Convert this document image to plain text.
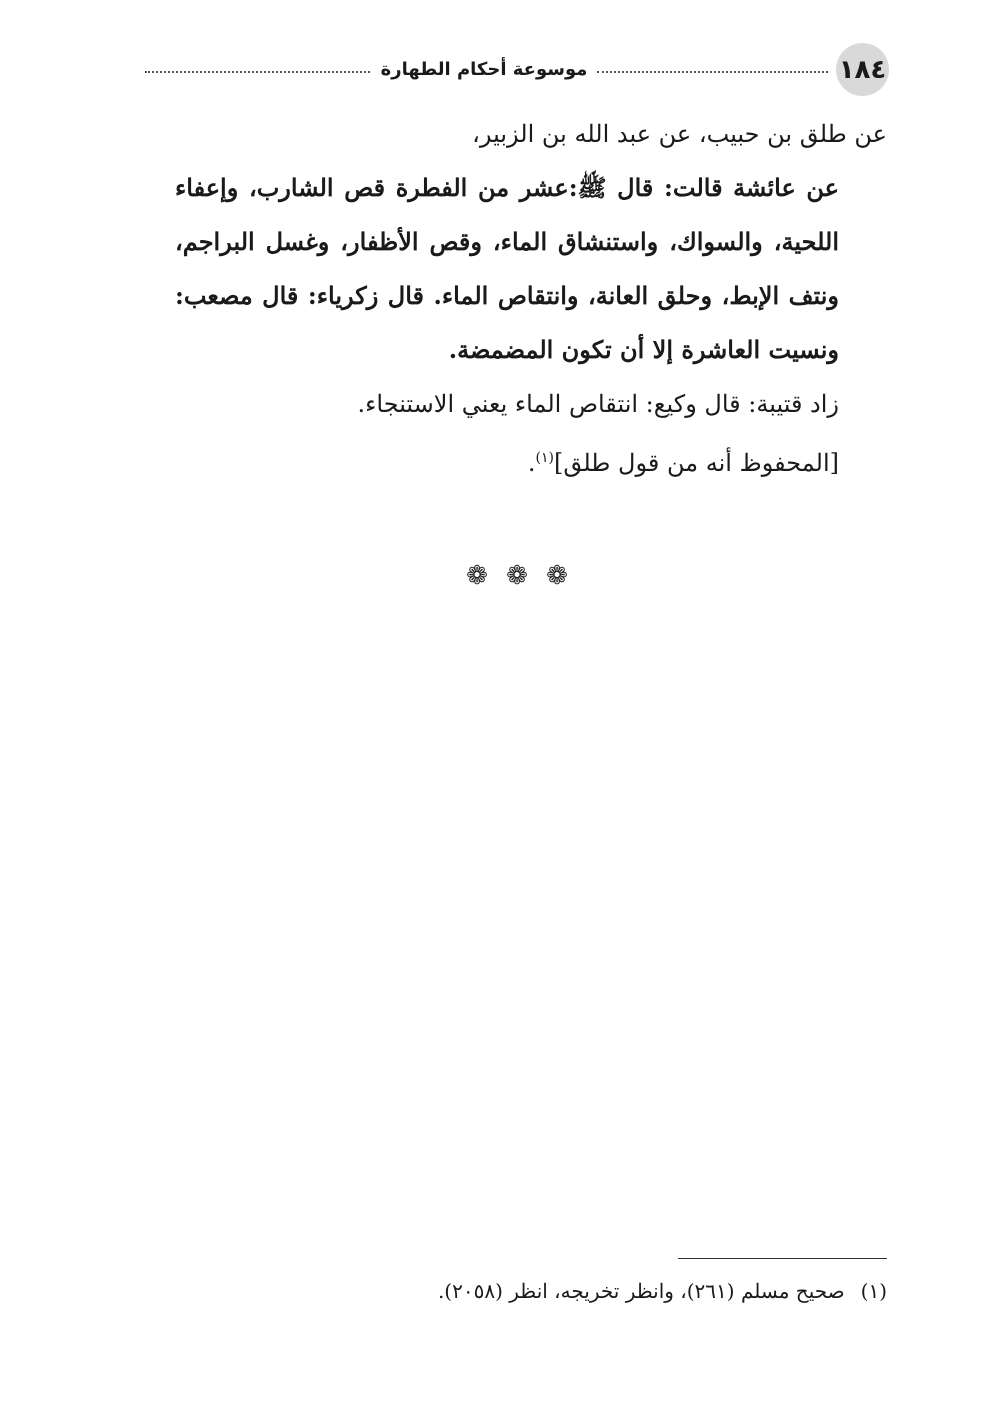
١٨٤
موسوعة أحكام الطهارة

عن طلق بن حبيب، عن عبد الله بن الزبير،

عن عائشة قالت: قال ﷺ:عشر من الفطرة قص الشارب، وإعفاء اللحية، والسواك، واستنشاق الماء، وقص الأظفار، وغسل البراجم، ونتف الإبط، وحلق العانة، وانتقاص الماء. قال زكرياء: قال مصعب: ونسيت العاشرة إلا أن تكون المضمضة.

زاد قتيبة: قال وكيع: انتقاص الماء يعني الاستنجاء.

[المحفوظ أنه من قول طلق]$^{(١)}$.

❁ ❁ ❁
(١)صحيح مسلم (٢٦١)، وانظر تخريجه، انظر (٢٠٥٨).
